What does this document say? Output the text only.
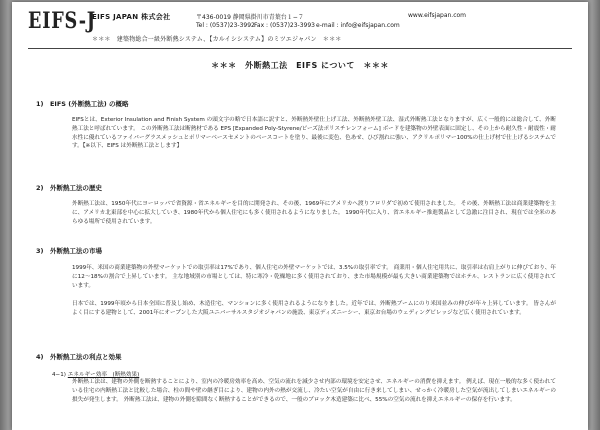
EIFS-J
EIFS JAPAN 株式会社	〒436-0019 静岡県掛川市青葉台１−７	www.eifsjapan.com
Tel : (0537)23-3992 Fax : (0537)23-3993 e-mail : info@eifsjapan.com
＊＊＊　建築物総合一級外断熱システム、【カルイシシステム】のミツエジャパン　＊＊＊
＊＊＊　外断熱工法　EIFS について　＊＊＊
1)　EIFS (外断熱工法) の概略

EIFSとは、Exterior Insulation and Finish System の頭文字の略で日本語に訳すと、外断熱外壁仕上げ工法、外断熱外壁工法、湿式外断熱工法となりますが、広く一般的には総合して、外断熱工法と呼ばれています。 この外断熱工法は断熱材である EPS [Expanded Poly-Styrene/ビーズ法ポリスチレンフォーム] ボードを建築物の外壁表面に固定し、その上から耐久性・耐震性・耐水性に優れているファイバーグラスメッシュとポリマーベースセメントのベースコートを塗り、最後に変色、色あせ、ひび割れに強い、アクリルポリマー100%の仕上げ材で仕上げるシステムです。【※以下、EIFS は外断熱工法とします】

2)　外断熱工法の歴史

外断熱工法は、1950年代にヨーロッパで省資源・省エネルギーを目的に開発され、その後、1969年にアメリカへ渡りフロリダで初めて使用されました。 その後、外断熱工法は商業建築物を主に、アメリカ北東部を中心に拡大していき、1980年代から個人住宅にも多く使用されるようになりました。 1990年代に入り、省エネルギー推進製品として急激に注目され、現在では全米のあらゆる場所で使用されています。

3)　外断熱工法の市場

1999年、米国の商業建築物の外壁マーケットでの取引率は17%であり、個人住宅の外壁マーケットでは、3.5%の取引率です。 商業用・個人住宅用共に、取引率は右肩上がりに伸びており、年に12〜18%の割合で上昇しています。 主な地域別の市場としては、特に寒冷・乾燥地に多く使用されており、また市場規模が最も大きい商業建築物ではホテル、レストランに広く使用されています。

日本では、1999年頃から日本全国に普及し始め、木造住宅、マンションに多く使用されるようになりました。近年では、外断熱ブームにのり米国並みの伸びが年々上昇しています。 皆さんがよく目にする建物として、2001年にオープンした大阪ユニバーサルスタジオジャパンの施設、東京ディズニーシー、東京お台場のウェディングビレッジなど広く使用されています。

4)　外断熱工法の利点と効果
4−1) エネルギー効率　(断熱効果)

外断熱工法は、建物の外側を断熱することにより、室内の冷暖房効率を高め、空気の流れを減少させ内部の環境を安定させ、エネルギーの消費を抑えます。 例えば、現在一般的な多く使われている住宅の内断熱工法と比較した場合、柱の間や壁の継ぎ目により、建物の内外の熱が交流し、冷たい空気が自由に行き来してしまい、せっかく冷暖房した空気が流出してしまいエネルギーの損失が発生します。 外断熱工法は、建物の外側を隙間なく断熱することができるので、一般のブロック木造建築に比べ、55%の空気の流れを抑えエネルギーの保存を行います。
